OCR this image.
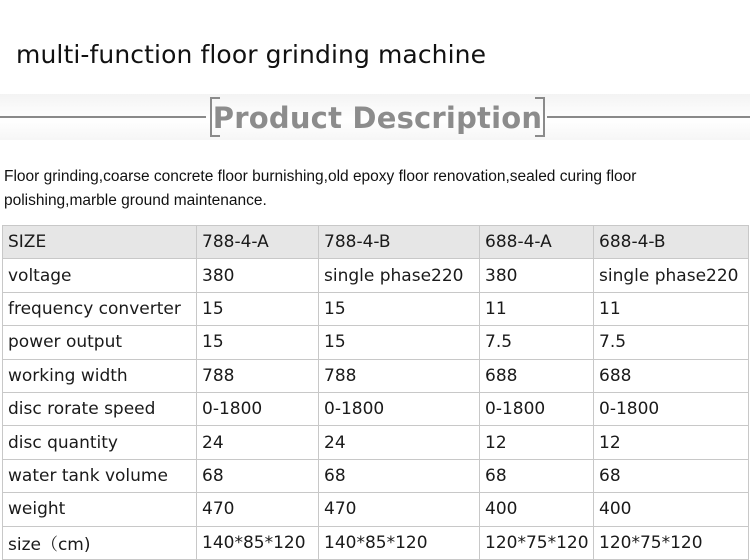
multi-function floor grinding machine
Product Description
Floor grinding,coarse concrete floor burnishing,old epoxy floor renovation,sealed curing floor polishing,marble ground maintenance.
SIZE	788-4-A	788-4-B	688-4-A	688-4-B
voltage	380	single phase220	380	single phase220
frequency converter	15	15	11	11
power output	15	15	7.5	7.5
working width	788	788	688	688
disc rorate speed	0-1800	0-1800	0-1800	0-1800
disc quantity	24	24	12	12
water tank volume	68	68	68	68
weight	470	470	400	400
size（cm)	140*85*120	140*85*120	120*75*120	120*75*120
